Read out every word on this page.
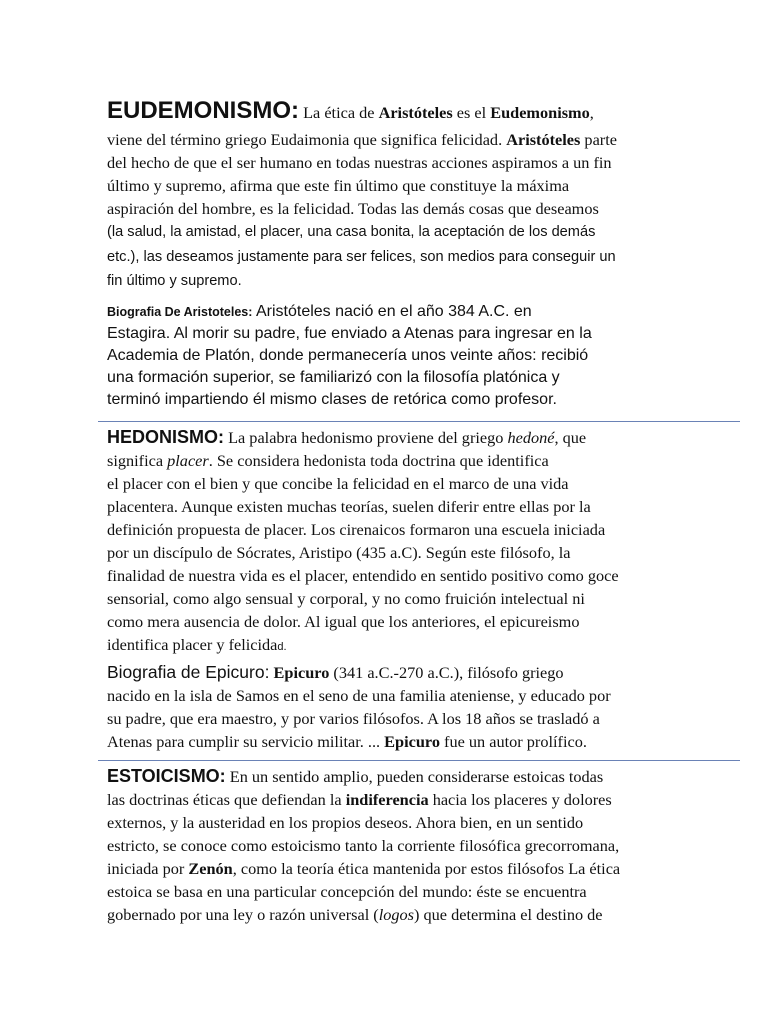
EUDEMONISMO: La ética de Aristóteles es el Eudemonismo,
viene del término griego Eudaimonia que significa felicidad. Aristóteles parte
del hecho de que el ser humano en todas nuestras acciones aspiramos a un fin
último y supremo, afirma que este fin último que constituye la máxima
aspiración del hombre, es la felicidad. Todas las demás cosas que deseamos
(la salud, la amistad, el placer, una casa bonita, la aceptación de los demás
etc.), las deseamos justamente para ser felices, son medios para conseguir un
fin último y supremo.
Biografia De Aristoteles: Aristóteles nació en el año 384 A.C. en
Estagira. Al morir su padre, fue enviado a Atenas para ingresar en la
Academia de Platón, donde permanecería unos veinte años: recibió
una formación superior, se familiarizó con la filosofía platónica y
terminó impartiendo él mismo clases de retórica como profesor.
HEDONISMO: La palabra hedonismo proviene del griego hedoné, que
significa placer. Se considera hedonista toda doctrina que identifica
el placer con el bien y que concibe la felicidad en el marco de una vida
placentera. Aunque existen muchas teorías, suelen diferir entre ellas por la
definición propuesta de placer. Los cirenaicos formaron una escuela iniciada
por un discípulo de Sócrates, Aristipo (435 a.C). Según este filósofo, la
finalidad de nuestra vida es el placer, entendido en sentido positivo como goce
sensorial, como algo sensual y corporal, y no como fruición intelectual ni
como mera ausencia de dolor. Al igual que los anteriores, el epicureismo
identifica placer y felicidad.
Biografia de Epicuro: Epicuro (341 a.C.-270 a.C.), filósofo griego
nacido en la isla de Samos en el seno de una familia ateniense, y educado por
su padre, que era maestro, y por varios filósofos. A los 18 años se trasladó a
Atenas para cumplir su servicio militar. ... Epicuro fue un autor prolífico.
ESTOICISMO: En un sentido amplio, pueden considerarse estoicas todas
las doctrinas éticas que defiendan la indiferencia hacia los placeres y dolores
externos, y la austeridad en los propios deseos. Ahora bien, en un sentido
estricto, se conoce como estoicismo tanto la corriente filosófica grecorromana,
iniciada por Zenón, como la teoría ética mantenida por estos filósofos La ética
estoica se basa en una particular concepción del mundo: éste se encuentra
gobernado por una ley o razón universal (logos) que determina el destino de
